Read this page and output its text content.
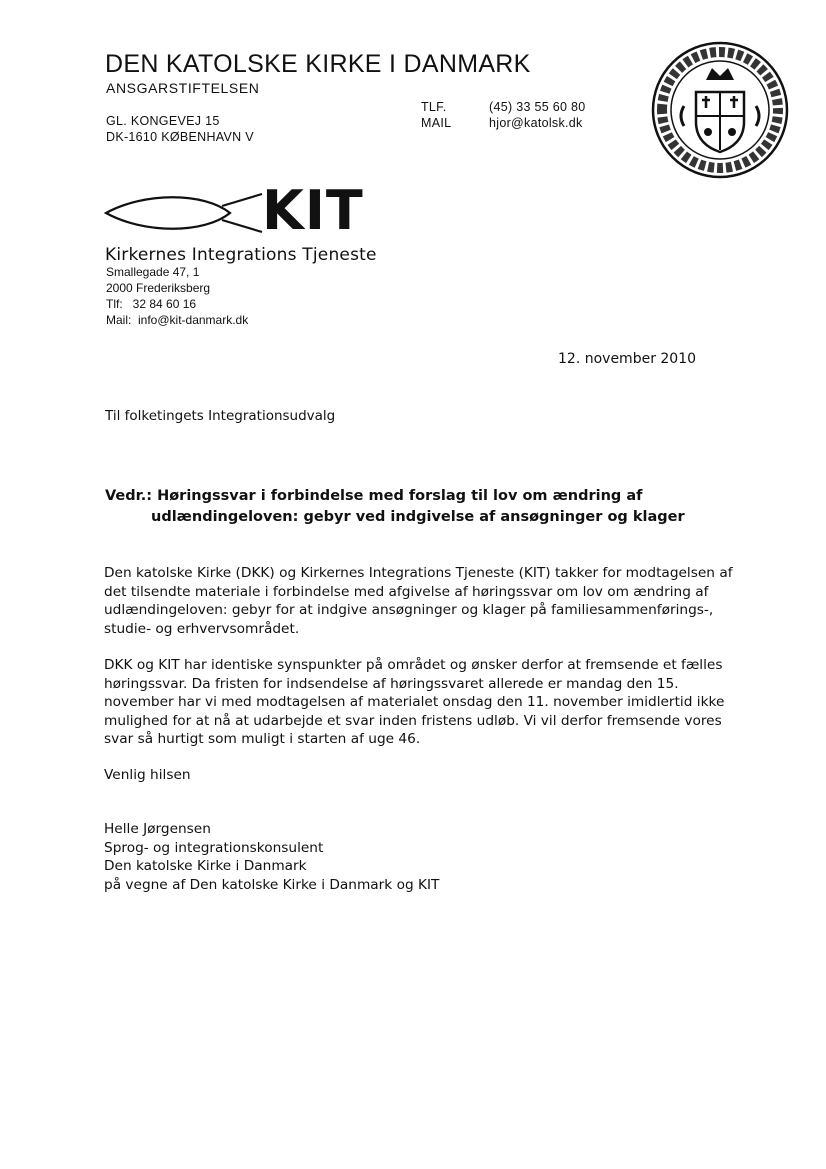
DEN KATOLSKE KIRKE I DANMARK
ANSGARSTIFTELSEN
GL. KONGEVEJ 15
DK-1610 KØBENHAVN V
TLF.	(45) 33 55 60 80
MAIL	hjor@katolsk.dk
KIT
Kirkernes Integrations Tjeneste
Smallegade 47, 1
2000 Frederiksberg
Tlf:   32 84 60 16
Mail:  info@kit-danmark.dk
12. november 2010
Til folketingets Integrationsudvalg
Vedr.: Høringssvar i forbindelse med forslag til lov om ændring af
udlændingeloven: gebyr ved indgivelse af ansøgninger og klager
Den katolske Kirke (DKK) og Kirkernes Integrations Tjeneste (KIT) takker for modtagelsen af
det tilsendte materiale i forbindelse med afgivelse af høringssvar om lov om ændring af
udlændingeloven: gebyr for at indgive ansøgninger og klager på familiesammenførings-,
studie- og erhvervsområdet.
DKK og KIT har identiske synspunkter på området og ønsker derfor at fremsende et fælles
høringssvar. Da fristen for indsendelse af høringssvaret allerede er mandag den 15.
november har vi med modtagelsen af materialet onsdag den 11. november imidlertid ikke
mulighed for at nå at udarbejde et svar inden fristens udløb. Vi vil derfor fremsende vores
svar så hurtigt som muligt i starten af uge 46.
Venlig hilsen
Helle Jørgensen
Sprog- og integrationskonsulent
Den katolske Kirke i Danmark
på vegne af Den katolske Kirke i Danmark og KIT
